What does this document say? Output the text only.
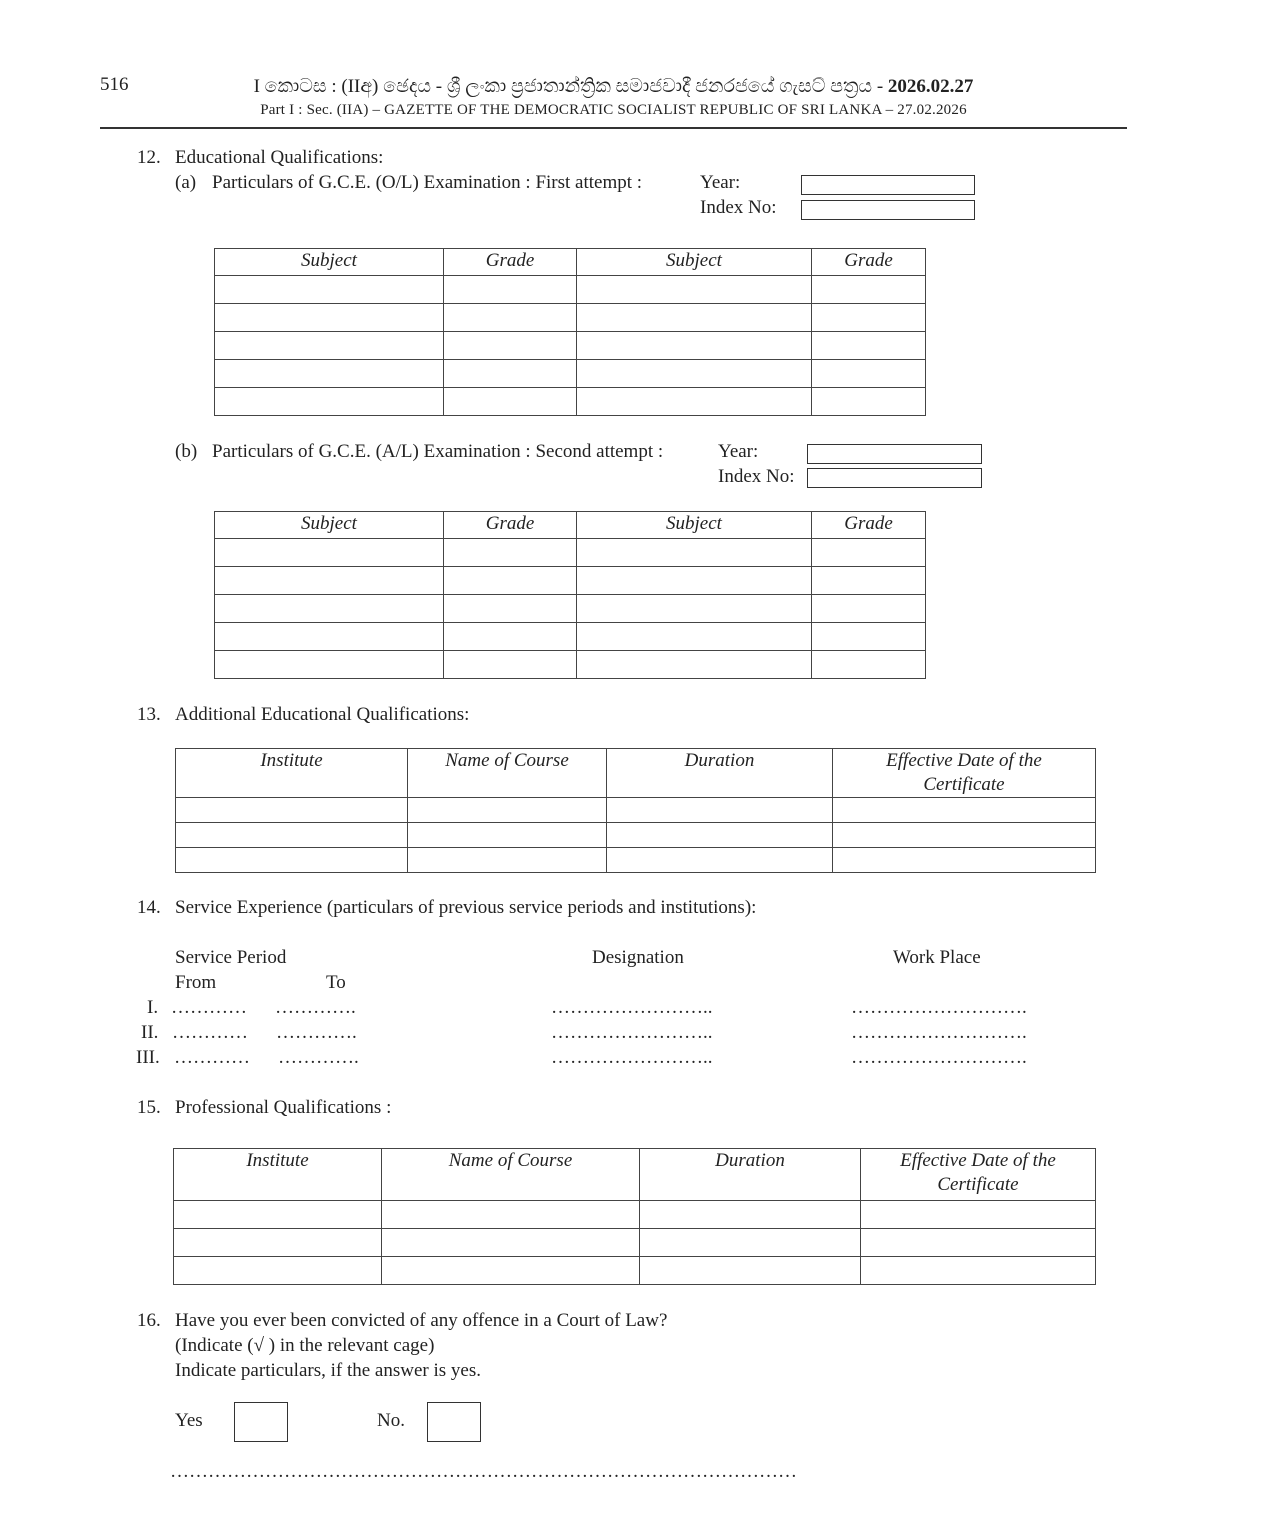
516	I කොටස : (IIඅ) ඡෙදය - ශ්‍රී ලංකා ප්‍රජාතාන්ත්‍රික සමාජවාදී ජනරජයේ ගැසට් පත්‍රය - 2026.02.27
Part I : Sec. (IIA) – GAZETTE OF THE DEMOCRATIC SOCIALIST REPUBLIC OF SRI LANKA – 27.02.2026
12. Educational Qualifications:
(a) Particulars of G.C.E. (O/L) Examination : First attempt :	Year:
Index No:
Subject	Grade	Subject	Grade

(b) Particulars of G.C.E. (A/L) Examination : Second attempt :	Year:
Index No:
Subject	Grade	Subject	Grade

13. Additional Educational Qualifications:
Institute	Name of Course	Duration	Effective Date of the Certificate

14. Service Experience (particulars of previous service periods and institutions):
Service Period	Designation	Work Place
From	To
I. ………… ………….	……………………..	……………………….
II. ………… ………….	……………………..	……………………….
III. ………… ………….	……………………..	……………………….
15. Professional Qualifications :
Institute	Name of Course	Duration	Effective Date of the Certificate

16. Have you ever been convicted of any offence in a Court of Law?
(Indicate (√ ) in the relevant cage)
Indicate particulars, if the answer is yes.
Yes	No.
………………………………………………………………………………………
